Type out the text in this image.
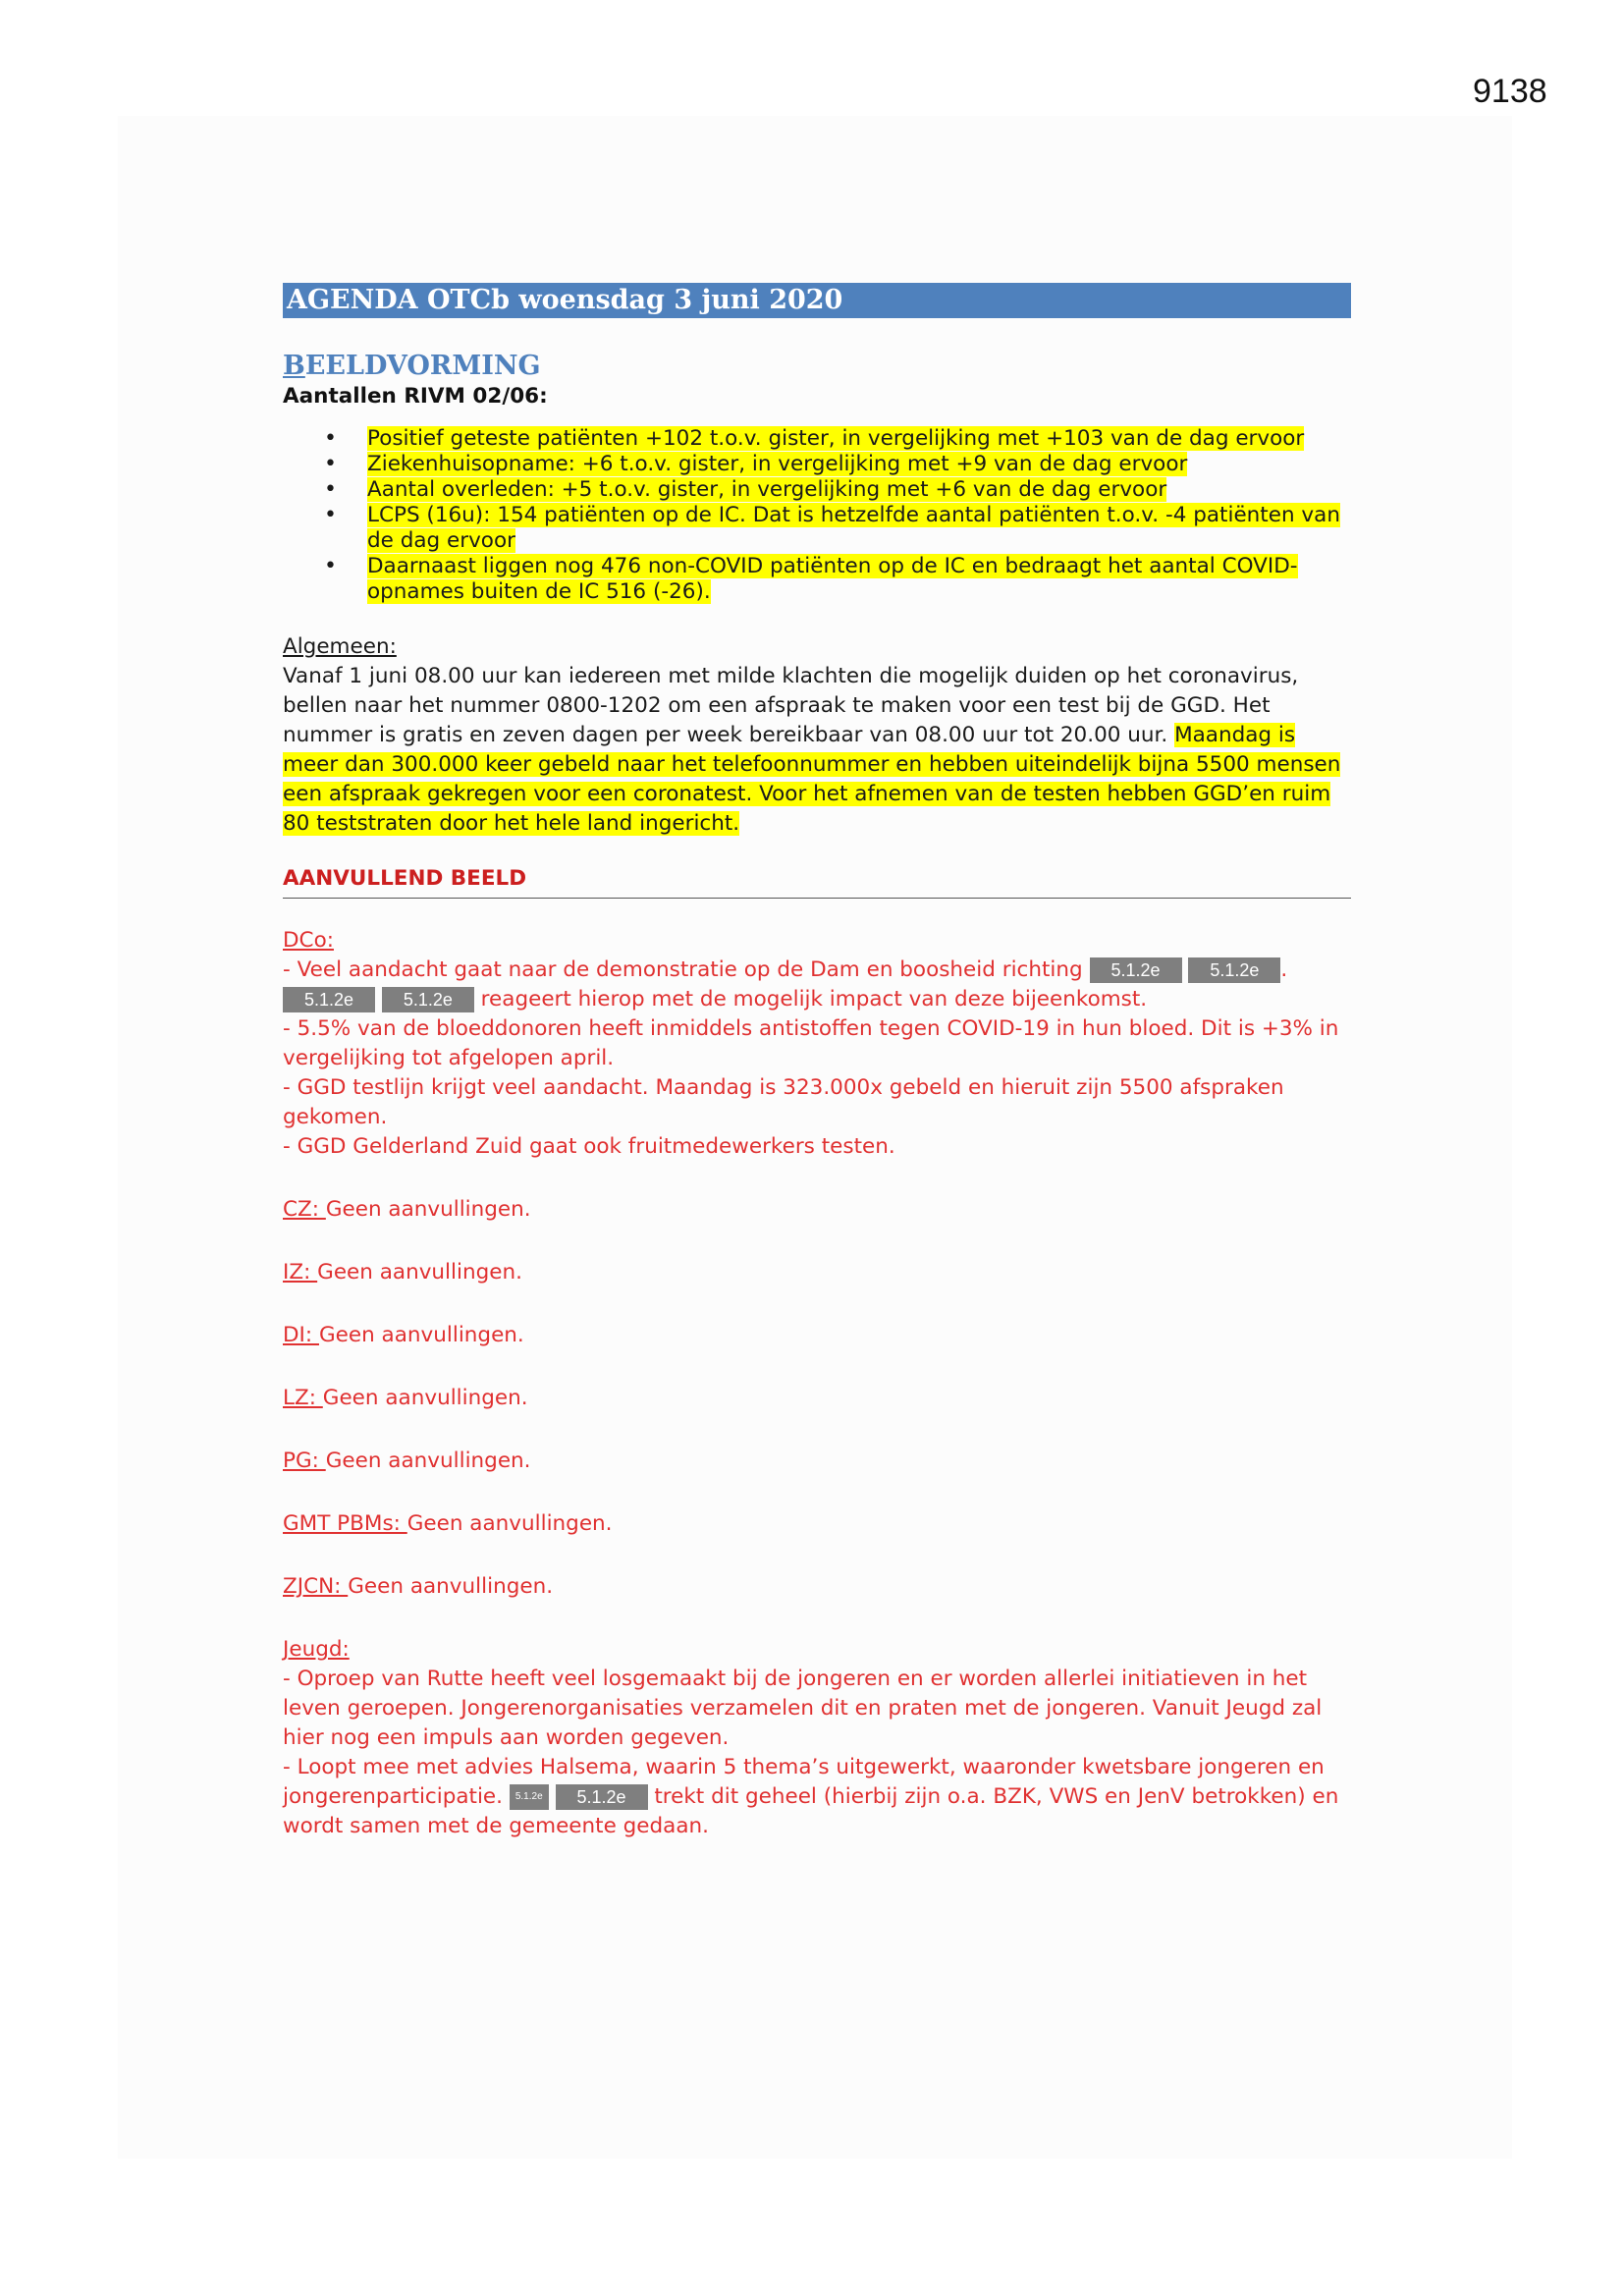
9138
AGENDA OTCb woensdag 3 juni 2020
BEELDVORMING
Aantallen RIVM 02/06:
• Positief geteste patiënten +102 t.o.v. gister, in vergelijking met +103 van de dag ervoor
• Ziekenhuisopname: +6 t.o.v. gister, in vergelijking met +9 van de dag ervoor
• Aantal overleden: +5 t.o.v. gister, in vergelijking met +6 van de dag ervoor
• LCPS (16u): 154 patiënten op de IC. Dat is hetzelfde aantal patiënten t.o.v. -4 patiënten van de dag ervoor
• Daarnaast liggen nog 476 non-COVID patiënten op de IC en bedraagt het aantal COVID-opnames buiten de IC 516 (-26).
Algemeen:
Vanaf 1 juni 08.00 uur kan iedereen met milde klachten die mogelijk duiden op het coronavirus, bellen naar het nummer 0800-1202 om een afspraak te maken voor een test bij de GGD. Het nummer is gratis en zeven dagen per week bereikbaar van 08.00 uur tot 20.00 uur. Maandag is meer dan 300.000 keer gebeld naar het telefoonnummer en hebben uiteindelijk bijna 5500 mensen een afspraak gekregen voor een coronatest. Voor het afnemen van de testen hebben GGD’en ruim 80 teststraten door het hele land ingericht.
AANVULLEND BEELD
DCo:
- Veel aandacht gaat naar de demonstratie op de Dam en boosheid richting 5.1.2e	5.1.2e .
5.1.2e	5.1.2e reageert hierop met de mogelijk impact van deze bijeenkomst.
- 5.5% van de bloeddonoren heeft inmiddels antistoffen tegen COVID-19 in hun bloed. Dit is +3% in vergelijking tot afgelopen april.
- GGD testlijn krijgt veel aandacht. Maandag is 323.000x gebeld en hieruit zijn 5500 afspraken gekomen.
- GGD Gelderland Zuid gaat ook fruitmedewerkers testen.
CZ: Geen aanvullingen.
IZ: Geen aanvullingen.
DI: Geen aanvullingen.
LZ: Geen aanvullingen.
PG: Geen aanvullingen.
GMT PBMs: Geen aanvullingen.
ZJCN: Geen aanvullingen.
Jeugd:
- Oproep van Rutte heeft veel losgemaakt bij de jongeren en er worden allerlei initiatieven in het leven geroepen. Jongerenorganisaties verzamelen dit en praten met de jongeren. Vanuit Jeugd zal hier nog een impuls aan worden gegeven.
- Loopt mee met advies Halsema, waarin 5 thema’s uitgewerkt, waaronder kwetsbare jongeren en jongerenparticipatie. 5.1.2e 5.1.2e trekt dit geheel (hierbij zijn o.a. BZK, VWS en JenV betrokken) en wordt samen met de gemeente gedaan.
